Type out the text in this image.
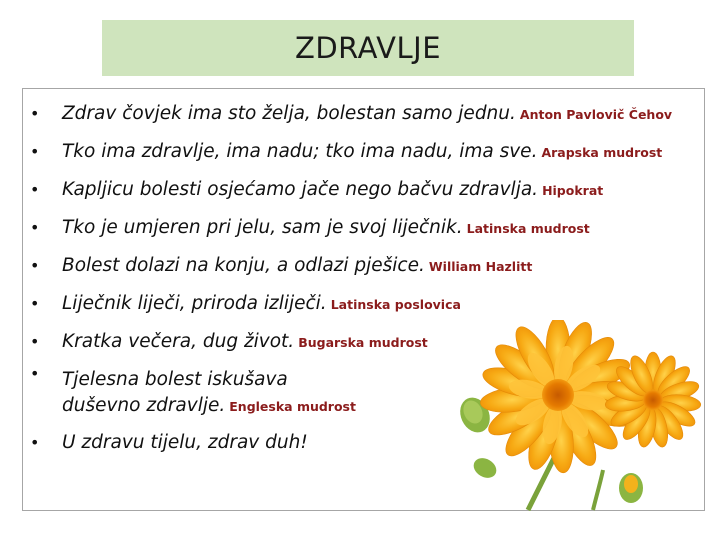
ZDRAVLJE
• Zdrav čovjek ima sto želja, bolestan samo jednu. Anton Pavlovič Čehov
• Tko ima zdravlje, ima nadu; tko ima nadu, ima sve. Arapska mudrost
• Kapljicu bolesti osjećamo jače nego bačvu zdravlja. Hipokrat
• Tko je umjeren pri jelu, sam je svoj liječnik. Latinska mudrost
• Bolest dolazi na konju, a odlazi pješice. William Hazlitt
• Liječnik liječi, priroda izliječi. Latinska poslovica
• Kratka večera, dug život. Bugarska mudrost
• Tjelesna bolest iskušava
duševno zdravlje. Engleska mudrost
• U zdravu tijelu, zdrav duh!
